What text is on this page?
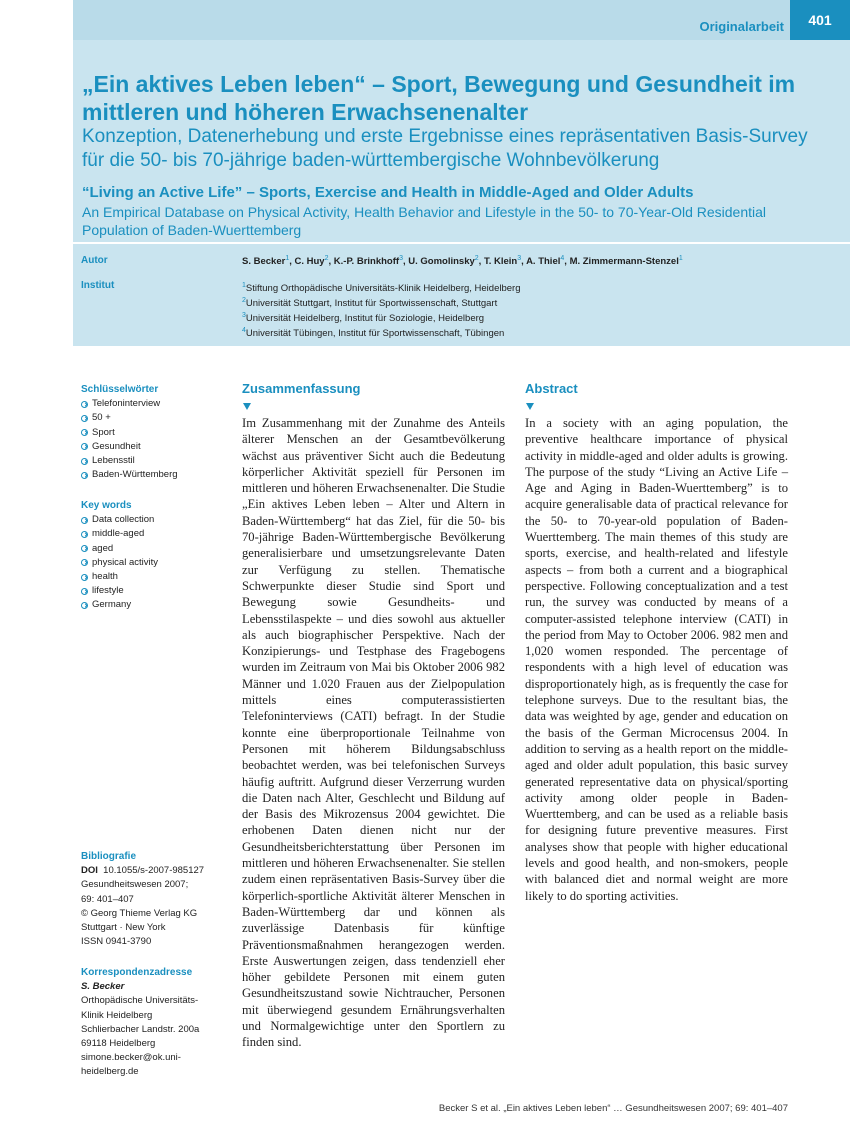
Originalarbeit	401
„Ein aktives Leben leben“ – Sport, Bewegung und Gesundheit im mittleren und höheren Erwachsenenalter
Konzeption, Datenerhebung und erste Ergebnisse eines repräsentativen Basis-Survey für die 50- bis 70-jährige baden-württembergische Wohnbevölkerung
“Living an Active Life” – Sports, Exercise and Health in Middle-Aged and Older Adults
An Empirical Database on Physical Activity, Health Behavior and Lifestyle in the 50- to 70-Year-Old Residential Population of Baden-Wuerttemberg
Autor	S. Becker$^1$, C. Huy$^2$, K.-P. Brinkhoff$^3$, U. Gomolinsky$^2$, T. Klein$^3$, A. Thiel$^4$, M. Zimmermann-Stenzel$^1$
Institut	$^1$Stiftung Orthopädische Universitäts-Klinik Heidelberg, Heidelberg
$^2$Universität Stuttgart, Institut für Sportwissenschaft, Stuttgart
$^3$Universität Heidelberg, Institut für Soziologie, Heidelberg
$^4$Universität Tübingen, Institut für Sportwissenschaft, Tübingen
Schlüsselwörter
Telefoninterview
50 +
Sport
Gesundheit
Lebensstil
Baden-Württemberg
Key words
Data collection
middle-aged
aged
physical activity
health
lifestyle
Germany
Bibliografie
DOI 10.1055/s-2007-985127
Gesundheitswesen 2007;
69: 401–407
© Georg Thieme Verlag KG
Stuttgart · New York
ISSN 0941-3790
Korrespondenzadresse
S. Becker
Orthopädische Universitäts-
Klinik Heidelberg
Schlierbacher Landstr. 200a
69118 Heidelberg
simone.becker@ok.uni-
heidelberg.de
Zusammenfassung

Im Zusammenhang mit der Zunahme des Anteils älterer Menschen an der Gesamtbevölkerung wächst aus präventiver Sicht auch die Bedeutung körperlicher Aktivität speziell für Personen im mittleren und höheren Erwachsenenalter. Die Studie „Ein aktives Leben leben – Alter und Altern in Baden-Württemberg“ hat das Ziel, für die 50- bis 70-jährige Baden-Württembergische Bevölkerung generalisierbare und umsetzungsrelevante Daten zur Verfügung zu stellen. Thematische Schwerpunkte dieser Studie sind Sport und Bewegung sowie Gesundheits- und Lebensstilaspekte – und dies sowohl aus aktueller als auch biographischer Perspektive. Nach der Konzipierungs- und Testphase des Fragebogens wurden im Zeitraum von Mai bis Oktober 2006 982 Männer und 1.020 Frauen aus der Zielpopulation mittels eines computerassistierten Telefoninterviews (CATI) befragt. In der Studie konnte eine überproportionale Teilnahme von Personen mit höherem Bildungsabschluss beobachtet werden, was bei telefonischen Surveys häufig auftritt. Aufgrund dieser Verzerrung wurden die Daten nach Alter, Geschlecht und Bildung auf der Basis des Mikrozensus 2004 gewichtet. Die erhobenen Daten dienen nicht nur der Gesundheitsberichterstattung über Personen im mittleren und höheren Erwachsenenalter. Sie stellen zudem einen repräsentativen Basis-Survey über die körperlich-sportliche Aktivität älterer Menschen in Baden-Württemberg dar und können als zuverlässige Datenbasis für künftige Präventionsmaßnahmen herangezogen werden. Erste Auswertungen zeigen, dass tendenziell eher höher gebildete Personen mit einem guten Gesundheitszustand sowie Nichtraucher, Personen mit überwiegend gesundem Ernährungsverhalten und Normalgewichtige unter den Sportlern zu finden sind.

Abstract

In a society with an aging population, the preventive healthcare importance of physical activity in middle-aged and older adults is growing. The purpose of the study “Living an Active Life – Age and Aging in Baden-Wuerttemberg” is to acquire generalisable data of practical relevance for the 50- to 70-year-old population of Baden-Wuerttemberg. The main themes of this study are sports, exercise, and health-related and lifestyle aspects – from both a current and a biographical perspective. Following conceptualization and a test run, the survey was conducted by means of a computer-assisted telephone interview (CATI) in the period from May to October 2006. 982 men and 1,020 women responded. The percentage of respondents with a high level of education was disproportionately high, as is frequently the case for telephone surveys. Due to the resultant bias, the data was weighted by age, gender and education on the basis of the German Microcensus 2004. In addition to serving as a health report on the middle-aged and older adult population, this basic survey generated representative data on physical/sporting activity among older people in Baden-Wuerttemberg, and can be used as a reliable basis for designing future preventive measures. First analyses show that people with higher educational levels and good health, and non-smokers, people with balanced diet and normal weight are more likely to do sporting activities.

Becker S et al. „Ein aktives Leben leben“ … Gesundheitswesen 2007; 69: 401–407
